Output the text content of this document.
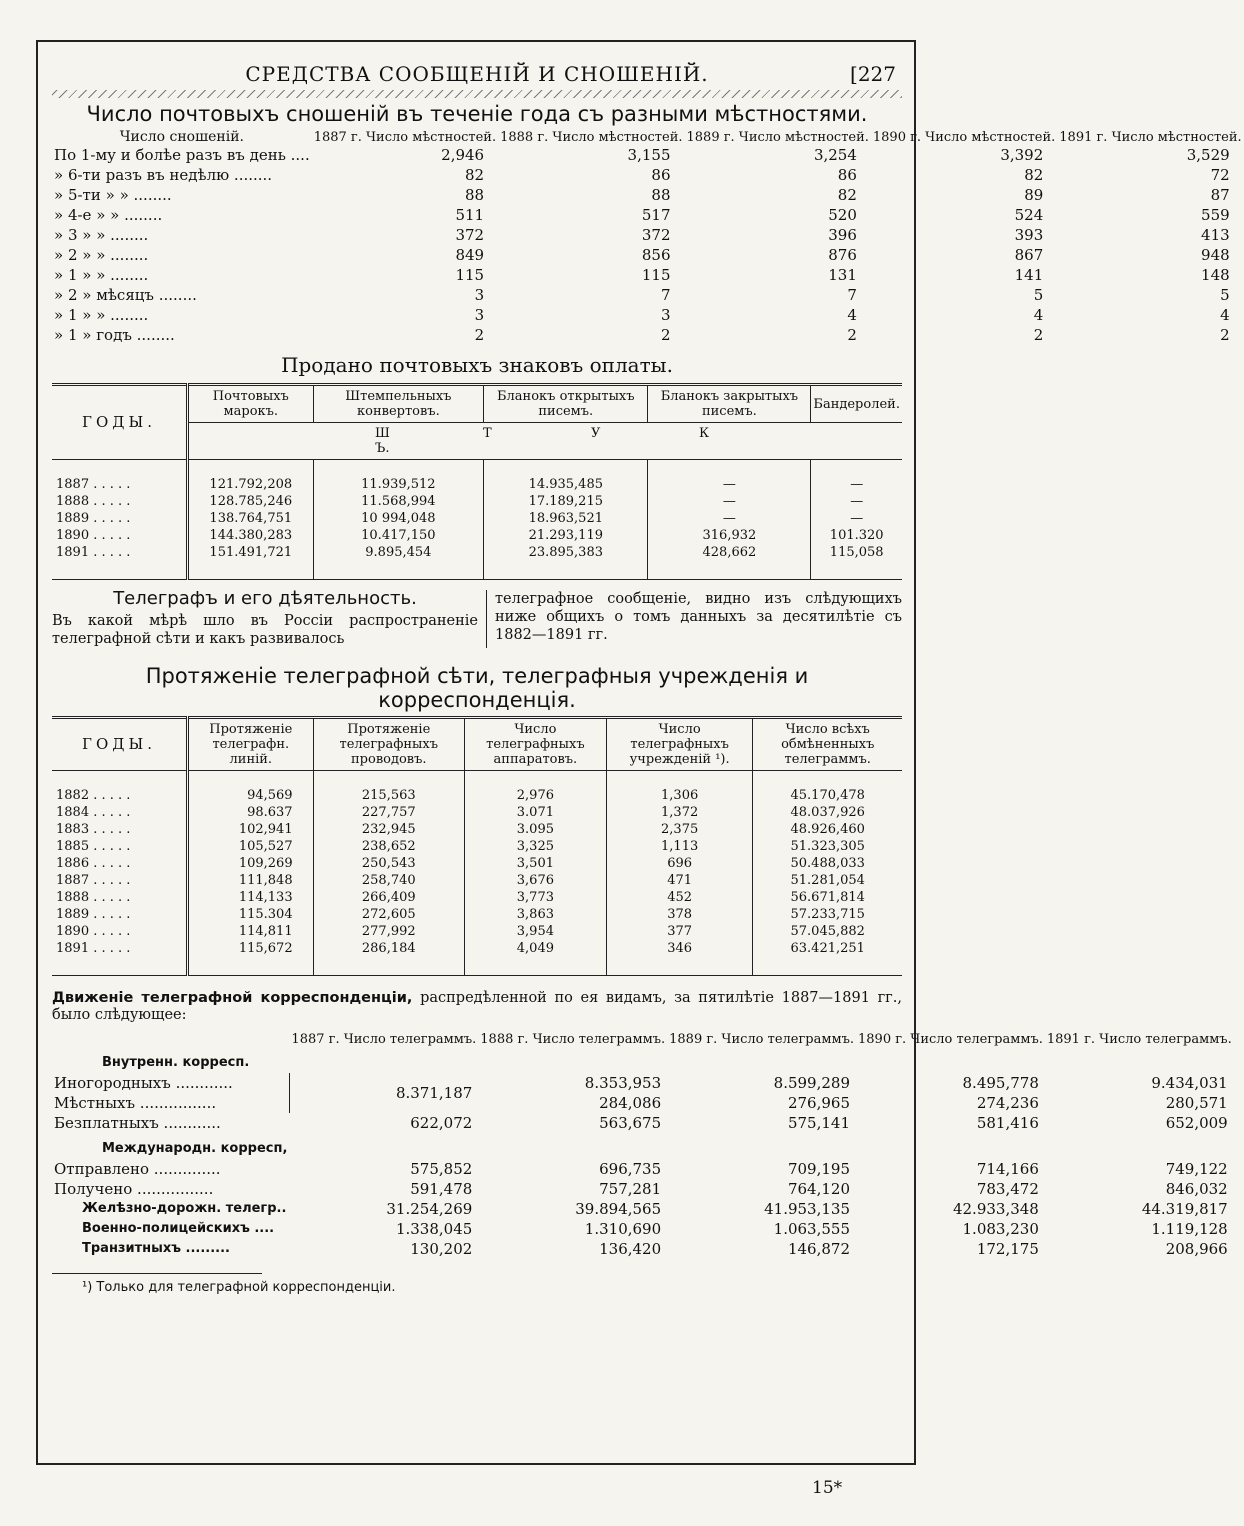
СРЕДСТВА СООБЩЕНІЙ И СНОШЕНІЙ.	[227
Число почтовыхъ сношеній въ теченіе года съ разными мѣстностями.
Число сношеній.	1887 г. Число мѣстностей.	1888 г. Число мѣстностей.	1889 г. Число мѣстностей.	1890 г. Число мѣстностей.	1891 г. Число мѣстностей.
По 1-му и болѣе разъ въ день ....	2,946	3,155	3,254	3,392	3,529
» 6-ти разъ въ недѣлю ........	82	86	86	82	72
» 5-ти » » ........	88	88	82	89	87
» 4-е » » ........	511	517	520	524	559
» 3 » » ........	372	372	396	393	413
» 2 » » ........	849	856	876	867	948
» 1 » » ........	115	115	131	141	148
» 2 » мѣсяцъ ........	3	7	7	5	5
» 1 » » ........	3	3	4	4	4
» 1 » годъ ........	2	2	2	2	2
Продано почтовыхъ знаковъ оплаты.
ГОДЫ.	Почтовыхъ марокъ.	Штемпельныхъ конвертовъ.	Бланокъ открытыхъ писемъ.	Бланокъ закрытыхъ писемъ.	Бандеролей.
	Ш Т У КЪ.				
1887 . . . . .	121.792,208	11.939,512	14.935,485	—	—
1888 . . . . .	128.785,246	11.568,994	17.189,215	—	—
1889 . . . . .	138.764,751	10 994,048	18.963,521	—	—
1890 . . . . .	144.380,283	10.417,150	21.293,119	316,932	101.320
1891 . . . . .	151.491,721	9.895,454	23.895,383	428,662	115,058
Телеграфъ и его дѣятельность.
Въ какой мѣрѣ шло въ Россіи распространеніе телеграфной сѣти и какъ развивалось
телеграфное сообщеніе, видно изъ слѣдующихъ ниже общихъ о томъ данныхъ за десятилѣтіе съ 1882—1891 гг.
Протяженіе телеграфной сѣти, телеграфныя учрежденія и корреспонденція.
ГОДЫ.	Протяженіе телеграфн. линій.	Протяженіе телеграфныхъ проводовъ.	Число телеграфныхъ аппаратовъ.	Число телеграфныхъ учрежденій ¹).	Число всѣхъ обмѣненныхъ телеграммъ.
1882 . . . . .	94,569	215,563	2,976	1,306	45.170,478
1884 . . . . .	98.637	227,757	3.071	1,372	48.037,926
1883 . . . . .	102,941	232,945	3.095	2,375	48.926,460
1885 . . . . .	105,527	238,652	3,325	1,113	51.323,305
1886 . . . . .	109,269	250,543	3,501	696	50.488,033
1887 . . . . .	111,848	258,740	3,676	471	51.281,054
1888 . . . . .	114,133	266,409	3,773	452	56.671,814
1889 . . . . .	115.304	272,605	3,863	378	57.233,715
1890 . . . . .	114,811	277,992	3,954	377	57.045,882
1891 . . . . .	115,672	286,184	4,049	346	63.421,251
Движеніе телеграфной корреспонденціи, распредѣленной по ея видамъ, за пятилѣтіе 1887—1891 гг., было слѣдующее:
	1887 г. Число телеграммъ.	1888 г. Число телеграммъ.	1889 г. Число телеграммъ.	1890 г. Число телеграммъ.	1891 г. Число телеграммъ.
Внутренн. корресп.					
Иногородныхъ ............	8.371,187	8.353,953	8.599,289	8.495,778	9.434,031
Мѣстныхъ ................		284,086	276,965	274,236	280,571
Безплатныхъ ............	622,072	563,675	575,141	581,416	652,009
Международн. корресп,					
Отправлено ..............	575,852	696,735	709,195	714,166	749,122
Получено ................	591,478	757,281	764,120	783,472	846,032
Желѣзно-дорожн. телегр..	31.254,269	39.894,565	41.953,135	42.933,348	44.319,817
Военно-полицейскихъ ....	1.338,045	1.310,690	1.063,555	1.083,230	1.119,128
Транзитныхъ .........	130,202	136,420	146,872	172,175	208,966
¹) Только для телеграфной корреспонденціи.
15*
